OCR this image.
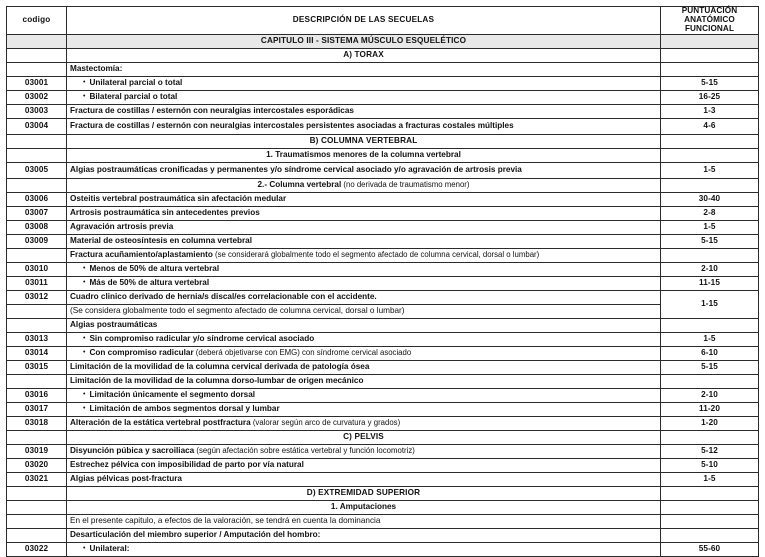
codigo	DESCRIPCIÓN DE LAS SECUELAS	PUNTUACIÓN
ANATÓMICO
FUNCIONAL
	CAPITULO III - SISTEMA MÚSCULO ESQUELÉTICO	
	A) TORAX	
	Mastectomía:	
03001	• Unilateral parcial o total	5-15
03002	• Bilateral parcial o total	16-25
03003	Fractura de costillas / esternón con neuralgias intercostales esporádicas	1-3
03004	Fractura de costillas / esternón con neuralgias intercostales persistentes asociadas a fracturas costales múltiples	4-6
	B) COLUMNA VERTEBRAL	
	1. Traumatismos menores de la columna vertebral	
03005	Algias postraumáticas cronificadas y permanentes y/o síndrome cervical asociado y/o agravación de artrosis previa	1-5
	2.- Columna vertebral (no derivada de traumatismo menor)	
03006	Osteitis vertebral postraumática sin afectación medular	30-40
03007	Artrosis postraumática sin antecedentes previos	2-8
03008	Agravación artrosis previa	1-5
03009	Material de osteosíntesis en columna vertebral	5-15
	Fractura acuñamiento/aplastamiento (se considerará globalmente todo el segmento afectado de columna cervical, dorsal o lumbar)	
03010	• Menos de 50% de altura vertebral	2-10
03011	• Más de 50% de altura vertebral	11-15
03012	Cuadro clinico derivado de hernia/s discal/es correlacionable con el accidente.	1-15
	(Se considera globalmente todo el segmento afectado de columna cervical, dorsal o lumbar)	
	Algias postraumáticas	
03013	• Sin compromiso radicular y/o síndrome cervical asociado	1-5
03014	• Con compromiso radicular (deberá objetivarse con EMG) con síndrome cervical asociado	6-10
03015	Limitación de la movilidad de la columna cervical derivada de patología ósea	5-15
	Limitación de la movilidad de la columna dorso-lumbar de origen mecánico	
03016	• Limitación únicamente el segmento dorsal	2-10
03017	• Limitación de ambos segmentos dorsal y lumbar	11-20
03018	Alteración de la estática vertebral postfractura (valorar según arco de curvatura y grados)	1-20
	C) PELVIS	
03019	Disyunción púbica y sacroiliaca (según afectación sobre estática vertebral y función locomotriz)	5-12
03020	Estrechez pélvica con imposibilidad de parto por vía natural	5-10
03021	Algias pélvicas post-fractura	1-5
	D) EXTREMIDAD SUPERIOR	
	1. Amputaciones	
	En el presente capitulo, a efectos de la valoración, se tendrá en cuenta la dominancia	
	Desarticulación del miembro superior / Amputación del hombro:	
03022	• Unilateral:	55-60
